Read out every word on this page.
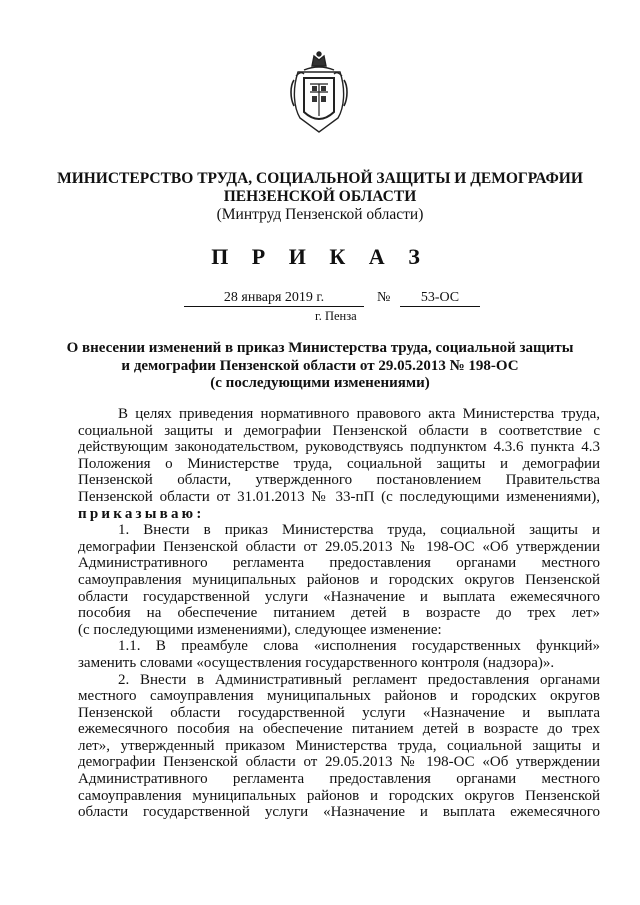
МИНИСТЕРСТВО ТРУДА, СОЦИАЛЬНОЙ ЗАЩИТЫ И ДЕМОГРАФИИ
ПЕНЗЕНСКОЙ ОБЛАСТИ
(Минтруд Пензенской области)
П Р И К А З
28 января 2019 г.	№	53-ОС
г. Пенза
О внесении изменений в приказ Министерства труда, социальной защиты
и демографии Пензенской области от 29.05.2013 № 198-ОС
(с последующими изменениями)
В целях приведения нормативного правового акта Министерства труда,
социальной защиты и демографии Пензенской области в соответствие с
действующим законодательством, руководствуясь подпунктом 4.3.6 пункта 4.3
Положения о Министерстве труда, социальной защиты и демографии
Пензенской области, утвержденного постановлением Правительства
Пензенской области от 31.01.2013 № 33-пП (с последующими изменениями),
приказываю:
1. Внести в приказ Министерства труда, социальной защиты и
демографии Пензенской области от 29.05.2013 № 198-ОС «Об утверждении
Административного регламента предоставления органами местного
самоуправления муниципальных районов и городских округов Пензенской
области государственной услуги «Назначение и выплата ежемесячного
пособия на обеспечение питанием детей в возрасте до трех лет»
(с последующими изменениями), следующее изменение:
1.1. В преамбуле слова «исполнения государственных функций»
заменить словами «осуществления государственного контроля (надзора)».
2. Внести в Административный регламент предоставления органами
местного самоуправления муниципальных районов и городских округов
Пензенской области государственной услуги «Назначение и выплата
ежемесячного пособия на обеспечение питанием детей в возрасте до трех
лет», утвержденный приказом Министерства труда, социальной защиты и
демографии Пензенской области от 29.05.2013 № 198-ОС «Об утверждении
Административного регламента предоставления органами местного
самоуправления муниципальных районов и городских округов Пензенской
области государственной услуги «Назначение и выплата ежемесячного
